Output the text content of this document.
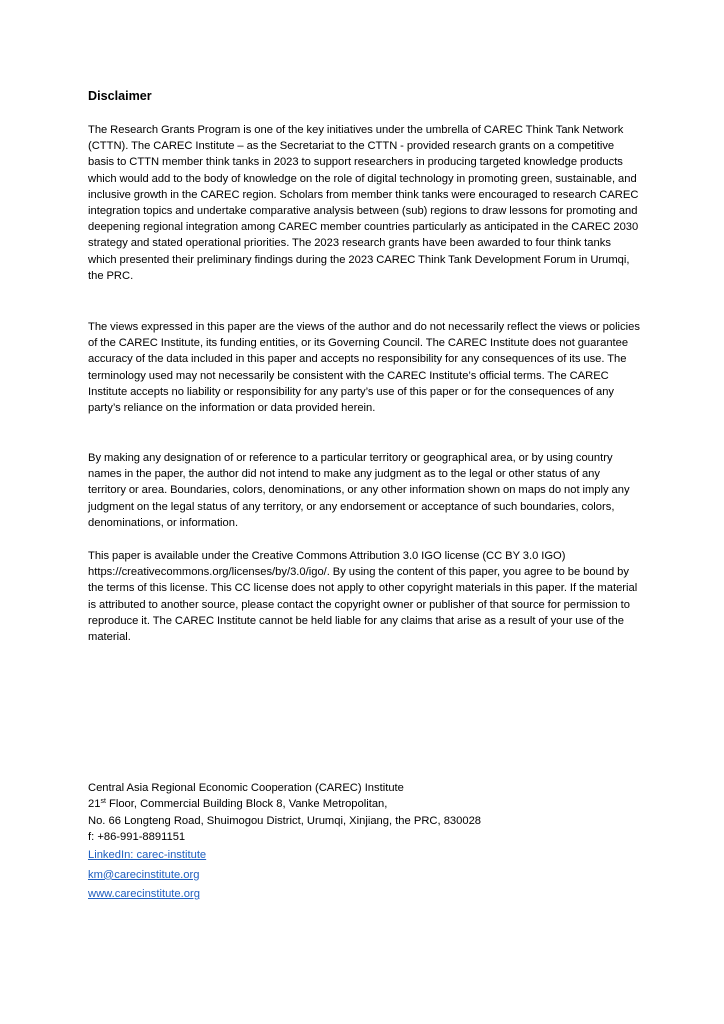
Disclaimer

The Research Grants Program is one of the key initiatives under the umbrella of CAREC Think Tank Network (CTTN). The CAREC Institute – as the Secretariat to the CTTN - provided research grants on a competitive basis to CTTN member think tanks in 2023 to support researchers in producing targeted knowledge products which would add to the body of knowledge on the role of digital technology in promoting green, sustainable, and inclusive growth in the CAREC region. Scholars from member think tanks were encouraged to research CAREC integration topics and undertake comparative analysis between (sub) regions to draw lessons for promoting and deepening regional integration among CAREC member countries particularly as anticipated in the CAREC 2030 strategy and stated operational priorities. The 2023 research grants have been awarded to four think tanks which presented their preliminary findings during the 2023 CAREC Think Tank Development Forum in Urumqi, the PRC.

The views expressed in this paper are the views of the author and do not necessarily reflect the views or policies of the CAREC Institute, its funding entities, or its Governing Council. The CAREC Institute does not guarantee accuracy of the data included in this paper and accepts no responsibility for any consequences of its use. The terminology used may not necessarily be consistent with the CAREC Institute’s official terms. The CAREC Institute accepts no liability or responsibility for any party’s use of this paper or for the consequences of any party’s reliance on the information or data provided herein.

By making any designation of or reference to a particular territory or geographical area, or by using country names in the paper, the author did not intend to make any judgment as to the legal or other status of any territory or area. Boundaries, colors, denominations, or any other information shown on maps do not imply any judgment on the legal status of any territory, or any endorsement or acceptance of such boundaries, colors, denominations, or information.

This paper is available under the Creative Commons Attribution 3.0 IGO license (CC BY 3.0 IGO) https://creativecommons.org/licenses/by/3.0/igo/. By using the content of this paper, you agree to be bound by the terms of this license. This CC license does not apply to other copyright materials in this paper. If the material is attributed to another source, please contact the copyright owner or publisher of that source for permission to reproduce it. The CAREC Institute cannot be held liable for any claims that arise as a result of your use of the material.

Central Asia Regional Economic Cooperation (CAREC) Institute
21st Floor, Commercial Building Block 8, Vanke Metropolitan,
No. 66 Longteng Road, Shuimogou District, Urumqi, Xinjiang, the PRC, 830028
f: +86-991-8891151
LinkedIn: carec-institute
km@carecinstitute.org
www.carecinstitute.org
